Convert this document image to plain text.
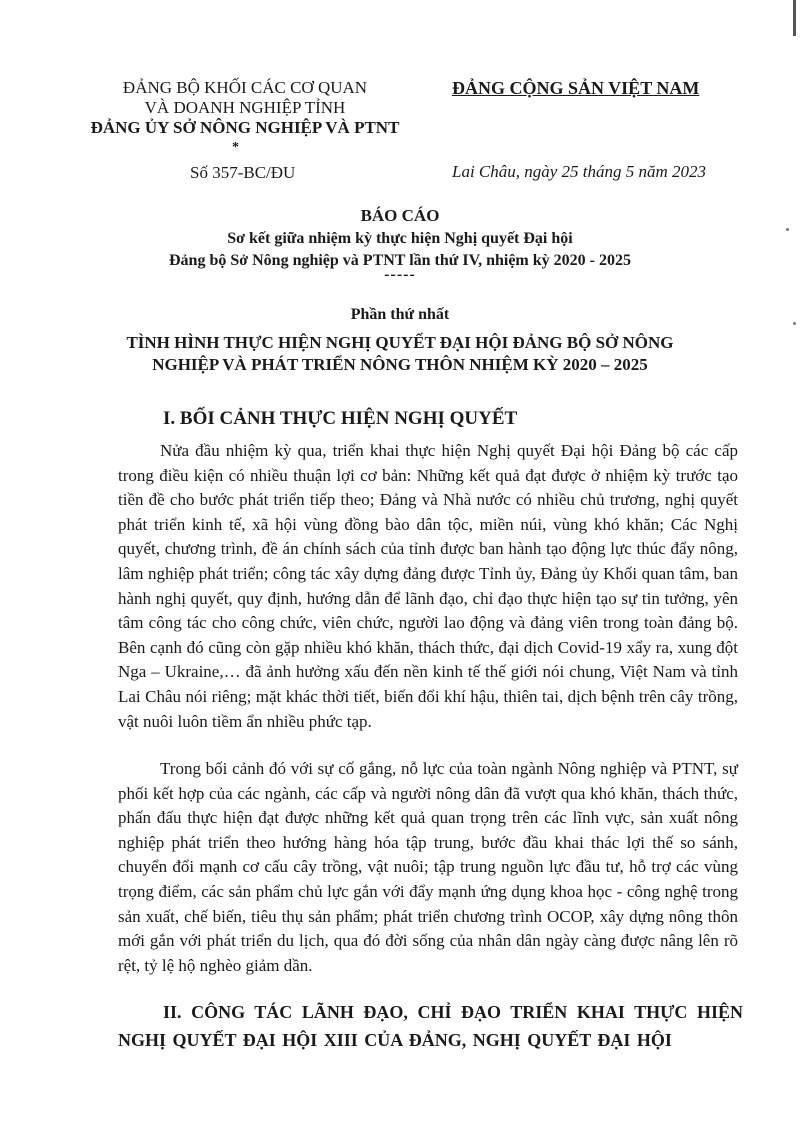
ĐẢNG BỘ KHỐI CÁC CƠ QUAN
VÀ DOANH NGHIỆP TỈNH
ĐẢNG ỦY SỞ NÔNG NGHIỆP VÀ PTNT
ĐẢNG CỘNG SẢN VIỆT NAM
*
Số 357-BC/ĐU	Lai Châu, ngày 25 tháng 5 năm 2023
BÁO CÁO
Sơ kết giữa nhiệm kỳ thực hiện Nghị quyết Đại hội
Đảng bộ Sở Nông nghiệp và PTNT lần thứ IV, nhiệm kỳ 2020 - 2025
-----
Phần thứ nhất
TÌNH HÌNH THỰC HIỆN NGHỊ QUYẾT ĐẠI HỘI ĐẢNG BỘ SỞ NÔNG NGHIỆP VÀ PHÁT TRIỂN NÔNG THÔN NHIỆM KỲ 2020 – 2025
I. BỐI CẢNH THỰC HIỆN NGHỊ QUYẾT
Nửa đầu nhiệm kỳ qua, triển khai thực hiện Nghị quyết Đại hội Đảng bộ các cấp trong điều kiện có nhiều thuận lợi cơ bản: Những kết quả đạt được ở nhiệm kỳ trước tạo tiền đề cho bước phát triển tiếp theo; Đảng và Nhà nước có nhiều chủ trương, nghị quyết phát triển kinh tế, xã hội vùng đồng bào dân tộc, miền núi, vùng khó khăn; Các Nghị quyết, chương trình, đề án chính sách của tỉnh được ban hành tạo động lực thúc đẩy nông, lâm nghiệp phát triển; công tác xây dựng đảng được Tỉnh ủy, Đảng ủy Khối quan tâm, ban hành nghị quyết, quy định, hướng dẫn để lãnh đạo, chỉ đạo thực hiện tạo sự tin tưởng, yên tâm công tác cho công chức, viên chức, người lao động và đảng viên trong toàn đảng bộ. Bên cạnh đó cũng còn gặp nhiều khó khăn, thách thức, đại dịch Covid-19 xẩy ra, xung đột Nga – Ukraine,… đã ảnh hưởng xấu đến nền kinh tế thế giới nói chung, Việt Nam và tỉnh Lai Châu nói riêng; mặt khác thời tiết, biến đổi khí hậu, thiên tai, dịch bệnh trên cây trồng, vật nuôi luôn tiềm ẩn nhiều phức tạp.
Trong bối cảnh đó với sự cố gắng, nỗ lực của toàn ngành Nông nghiệp và PTNT, sự phối kết hợp của các ngành, các cấp và người nông dân đã vượt qua khó khăn, thách thức, phấn đấu thực hiện đạt được những kết quả quan trọng trên các lĩnh vực, sản xuất nông nghiệp phát triển theo hướng hàng hóa tập trung, bước đầu khai thác lợi thế so sánh, chuyển đổi mạnh cơ cấu cây trồng, vật nuôi; tập trung nguồn lực đầu tư, hỗ trợ các vùng trọng điểm, các sản phẩm chủ lực gắn với đẩy mạnh ứng dụng khoa học - công nghệ trong sản xuất, chế biến, tiêu thụ sản phẩm; phát triển chương trình OCOP, xây dựng nông thôn mới gắn với phát triển du lịch, qua đó đời sống của nhân dân ngày càng được nâng lên rõ rệt, tỷ lệ hộ nghèo giảm dần.
II. CÔNG TÁC LÃNH ĐẠO, CHỈ ĐẠO TRIỂN KHAI THỰC HIỆN NGHỊ QUYẾT ĐẠI HỘI XIII CỦA ĐẢNG, NGHỊ QUYẾT ĐẠI HỘI
